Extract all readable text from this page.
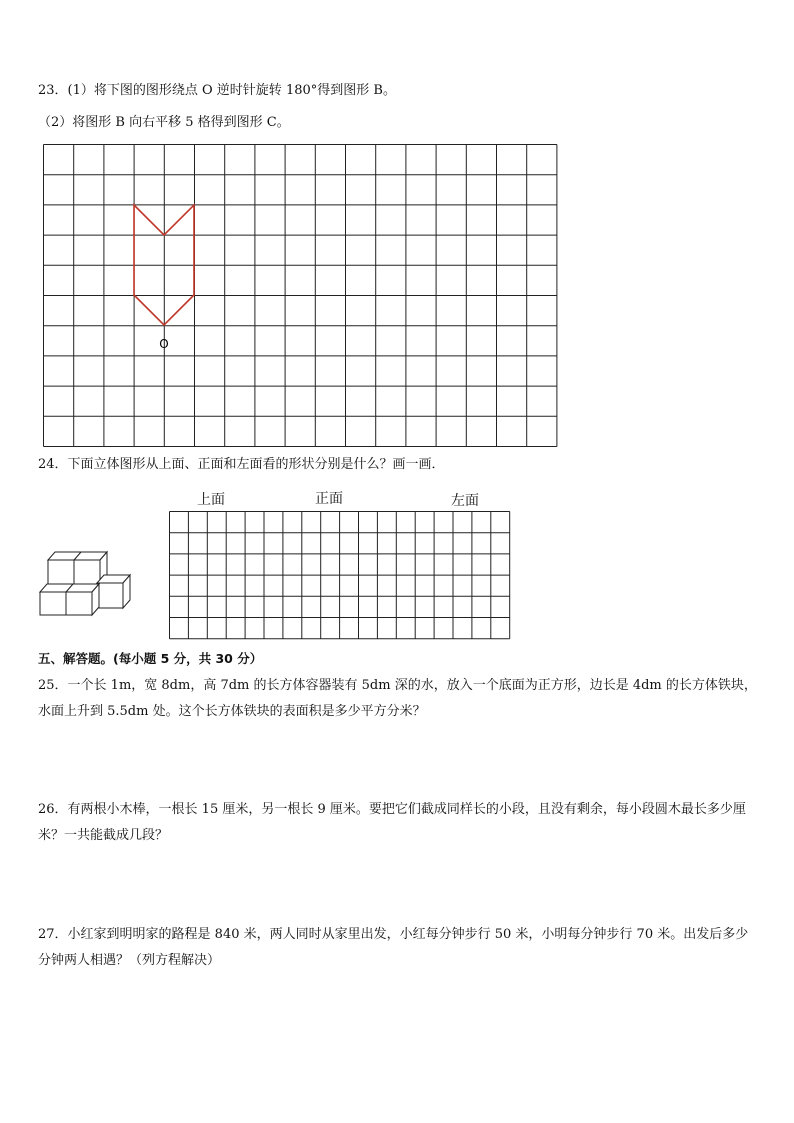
23．(1）将下图的图形绕点 O 逆时针旋转 180°得到图形 B。
（2）将图形 B 向右平移 5 格得到图形 C。
O
24．下面立体图形从上面、正面和左面看的形状分别是什么？画一画．
上面	正面	左面
五、解答题。(每小题 5 分，共 30 分）
25．一个长 1m，宽 8dm，高 7dm 的长方体容器装有 5dm 深的水，放入一个底面为正方形，边长是 4dm 的长方体铁块，水面上升到 5.5dm 处。这个长方体铁块的表面积是多少平方分米？
26．有两根小木棒，一根长 15 厘米，另一根长 9 厘米。要把它们截成同样长的小段，且没有剩余，每小段圆木最长多少厘米？一共能截成几段？
27．小红家到明明家的路程是 840 米，两人同时从家里出发，小红每分钟步行 50 米，小明每分钟步行 70 米。出发后多少分钟两人相遇？（列方程解决）
